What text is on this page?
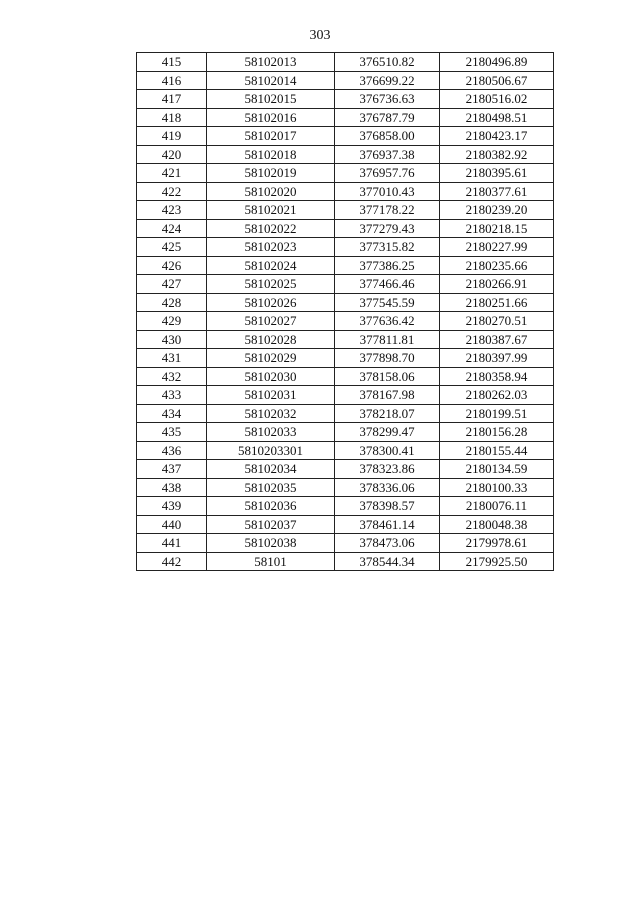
303
415	58102013	376510.82	2180496.89
416	58102014	376699.22	2180506.67
417	58102015	376736.63	2180516.02
418	58102016	376787.79	2180498.51
419	58102017	376858.00	2180423.17
420	58102018	376937.38	2180382.92
421	58102019	376957.76	2180395.61
422	58102020	377010.43	2180377.61
423	58102021	377178.22	2180239.20
424	58102022	377279.43	2180218.15
425	58102023	377315.82	2180227.99
426	58102024	377386.25	2180235.66
427	58102025	377466.46	2180266.91
428	58102026	377545.59	2180251.66
429	58102027	377636.42	2180270.51
430	58102028	377811.81	2180387.67
431	58102029	377898.70	2180397.99
432	58102030	378158.06	2180358.94
433	58102031	378167.98	2180262.03
434	58102032	378218.07	2180199.51
435	58102033	378299.47	2180156.28
436	5810203301	378300.41	2180155.44
437	58102034	378323.86	2180134.59
438	58102035	378336.06	2180100.33
439	58102036	378398.57	2180076.11
440	58102037	378461.14	2180048.38
441	58102038	378473.06	2179978.61
442	58101	378544.34	2179925.50
